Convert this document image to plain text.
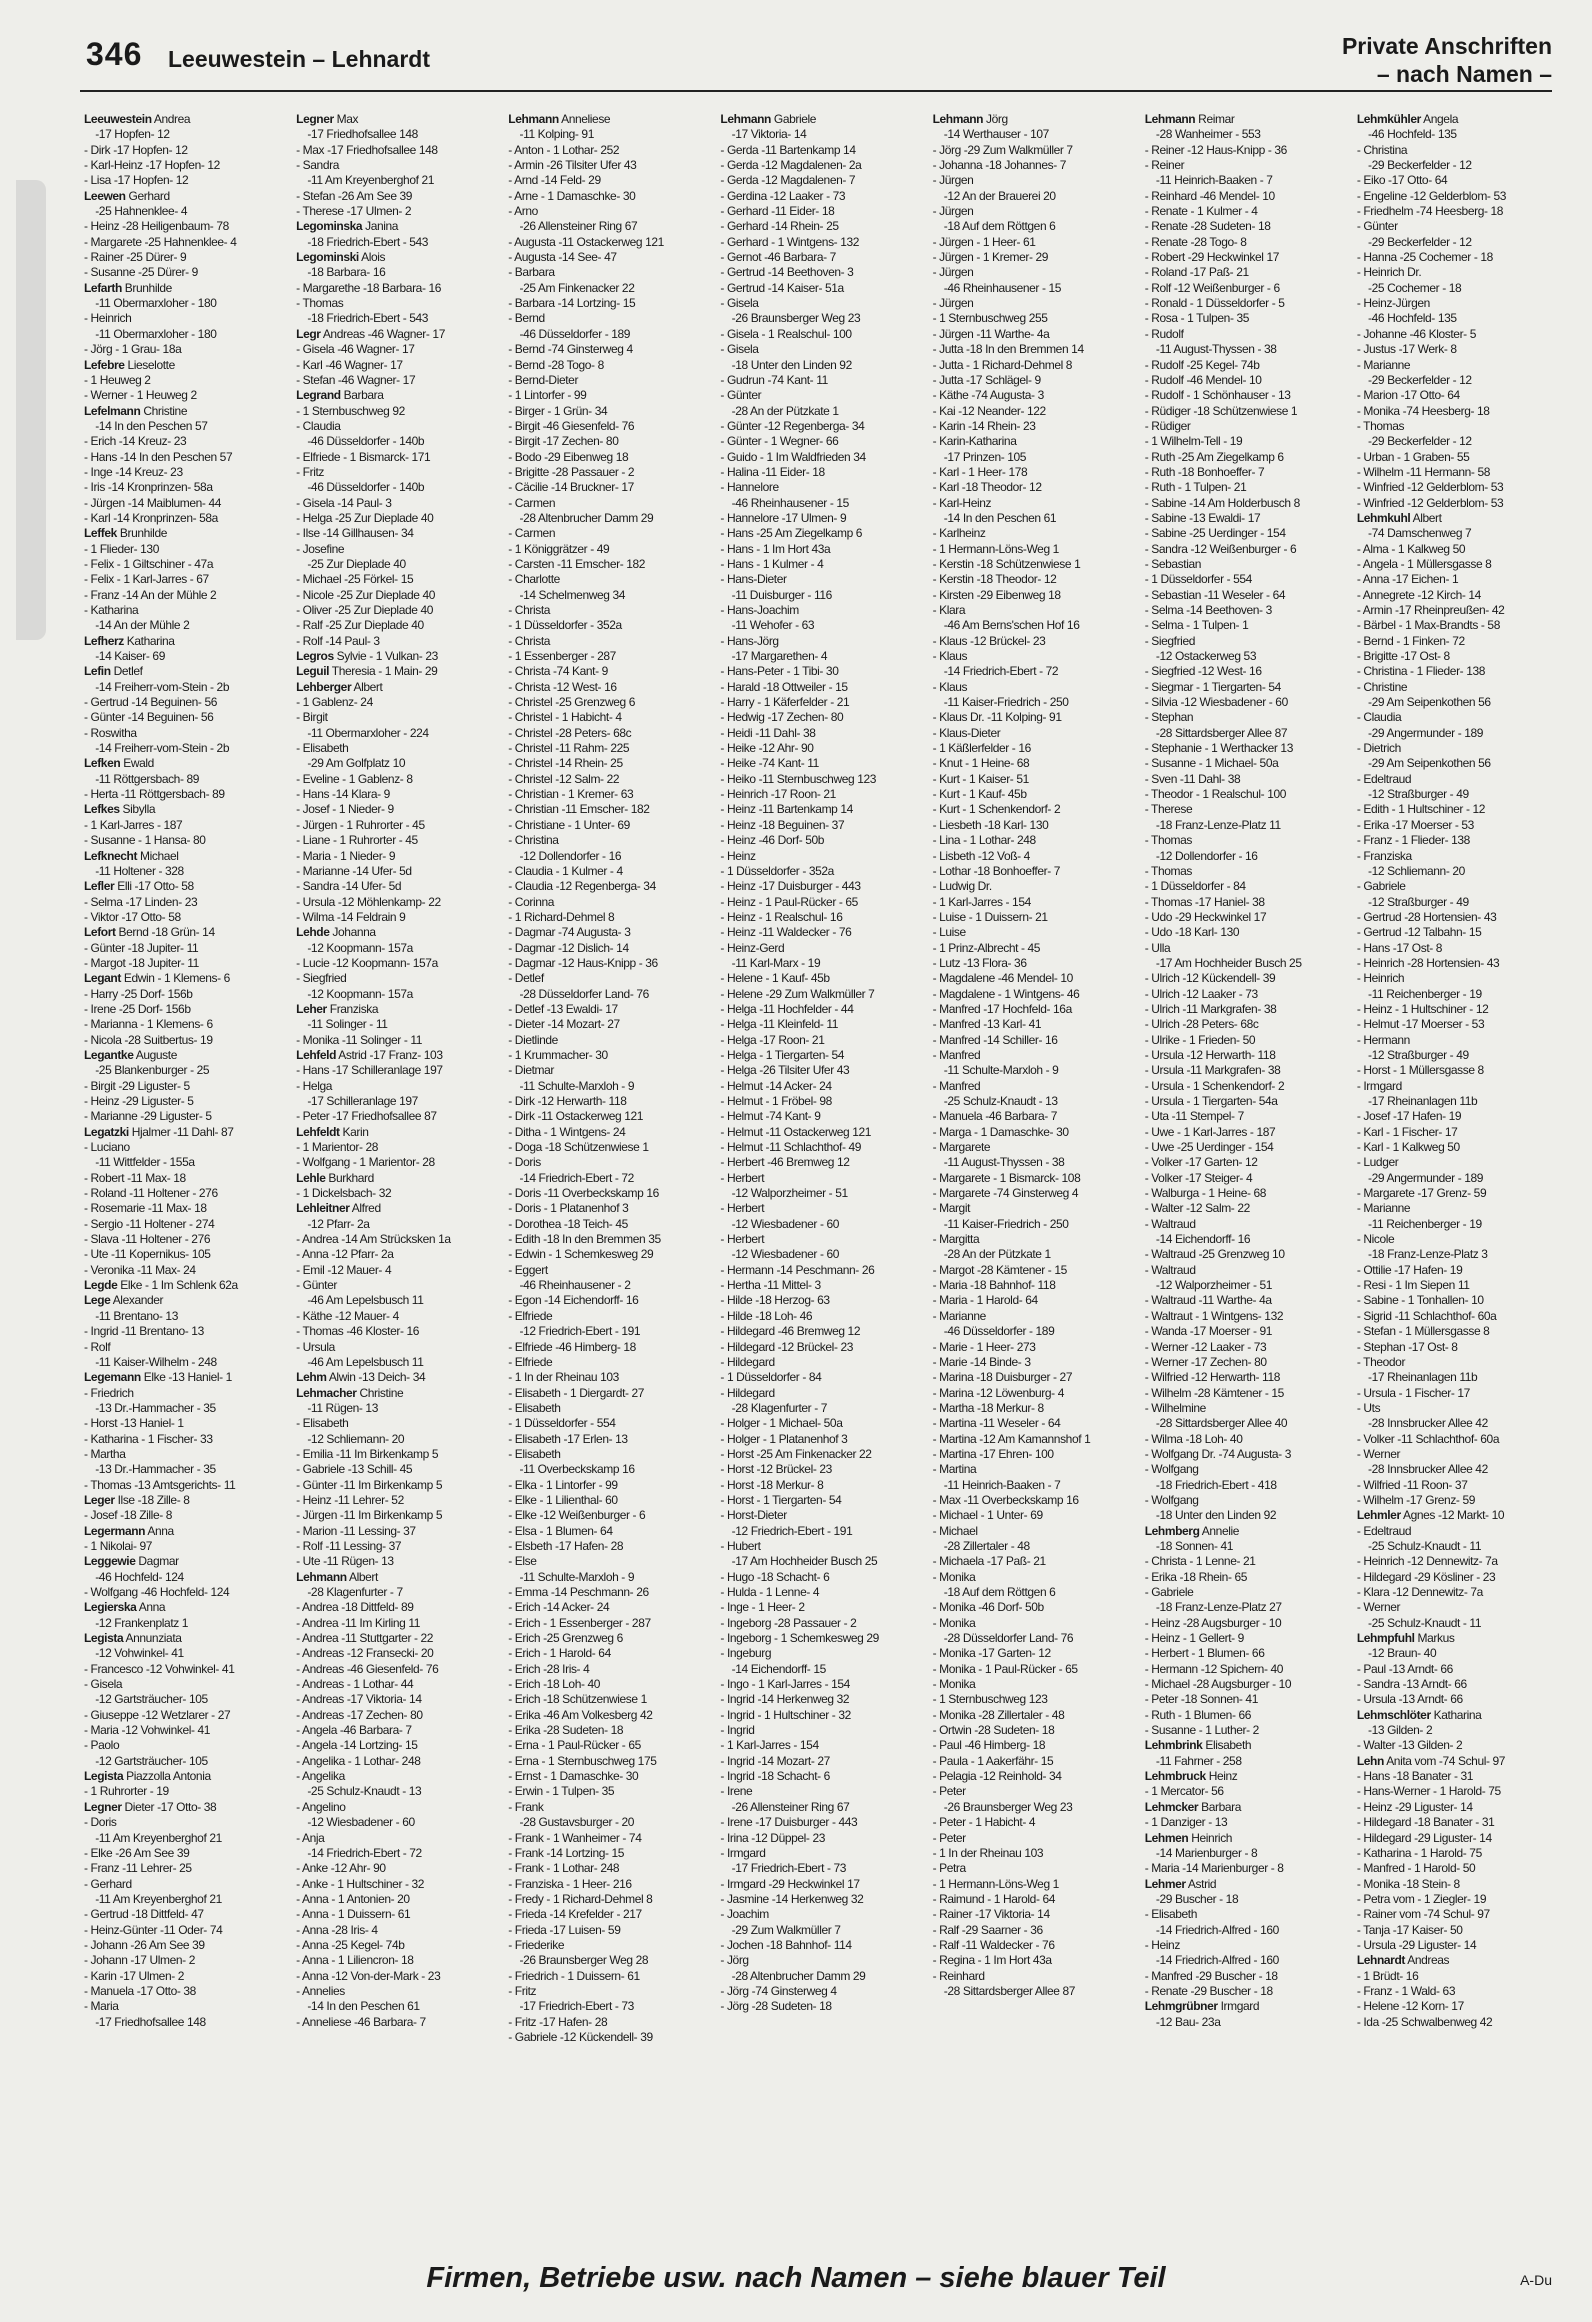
346 Leeuwestein – Lehnardt	Private Anschriften
– nach Namen –
Leeuwestein Andrea
  -17 Hopfen- 12
- Dirk -17 Hopfen- 12
- Karl-Heinz -17 Hopfen- 12
- Lisa -17 Hopfen- 12
Leewen Gerhard
  -25 Hahnenklee- 4
- Heinz -28 Heiligenbaum- 78
- Margarete -25 Hahnenklee- 4
- Rainer -25 Dürer- 9
- Susanne -25 Dürer- 9
Lefarth Brunhilde
  -11 Obermarxloher - 180
- Heinrich
  -11 Obermarxloher - 180
- Jörg - 1 Grau- 18a
Lefebre Lieselotte
- 1 Heuweg 2
- Werner - 1 Heuweg 2
Lefelmann Christine
  -14 In den Peschen 57
- Erich -14 Kreuz- 23
- Hans -14 In den Peschen 57
- Inge -14 Kreuz- 23
- Iris -14 Kronprinzen- 58a
- Jürgen -14 Maiblumen- 44
- Karl -14 Kronprinzen- 58a
Leffek Brunhilde
- 1 Flieder- 130
- Felix - 1 Giltschiner - 47a
- Felix - 1 Karl-Jarres - 67
- Franz -14 An der Mühle 2
- Katharina
  -14 An der Mühle 2
Lefherz Katharina
  -14 Kaiser- 69
Lefin Detlef
  -14 Freiherr-vom-Stein - 2b
- Gertrud -14 Beguinen- 56
- Günter -14 Beguinen- 56
- Roswitha
  -14 Freiherr-vom-Stein - 2b
Lefken Ewald
  -11 Röttgersbach- 89
- Herta -11 Röttgersbach- 89
Lefkes Sibylla
- 1 Karl-Jarres - 187
- Susanne - 1 Hansa- 80
Lefknecht Michael
  -11 Holtener - 328
Lefler Elli -17 Otto- 58
- Selma -17 Linden- 23
- Viktor -17 Otto- 58
Lefort Bernd -18 Grün- 14
- Günter -18 Jupiter- 11
- Margot -18 Jupiter- 11
Legant Edwin - 1 Klemens- 6
- Harry -25 Dorf- 156b
- Irene -25 Dorf- 156b
- Marianna - 1 Klemens- 6
- Nicola -28 Suitbertus- 19
Legantke Auguste
  -25 Blankenburger - 25
- Birgit -29 Liguster- 5
- Heinz -29 Liguster- 5
- Marianne -29 Liguster- 5
Legatzki Hjalmer -11 Dahl- 87
- Luciano
  -11 Wittfelder - 155a
- Robert -11 Max- 18
- Roland -11 Holtener - 276
- Rosemarie -11 Max- 18
- Sergio -11 Holtener - 274
- Slava -11 Holtener - 276
- Ute -11 Kopernikus- 105
- Veronika -11 Max- 24
Legde Elke - 1 Im Schlenk 62a
Lege Alexander
  -11 Brentano- 13
- Ingrid -11 Brentano- 13
- Rolf
  -11 Kaiser-Wilhelm - 248
Legemann Elke -13 Haniel- 1
- Friedrich
  -13 Dr.-Hammacher - 35
- Horst -13 Haniel- 1
- Katharina - 1 Fischer- 33
- Martha
  -13 Dr.-Hammacher - 35
- Thomas -13 Amtsgerichts- 11
Leger Ilse -18 Zille- 8
- Josef -18 Zille- 8
Legermann Anna
- 1 Nikolai- 97
Leggewie Dagmar
  -46 Hochfeld- 124
- Wolfgang -46 Hochfeld- 124
Legierska Anna
  -12 Frankenplatz 1
Legista Annunziata
  -12 Vohwinkel- 41
- Francesco -12 Vohwinkel- 41
- Gisela
  -12 Gartsträucher- 105
- Giuseppe -12 Wetzlarer - 27
- Maria -12 Vohwinkel- 41
- Paolo
  -12 Gartsträucher- 105
Legista Piazzolla Antonia
- 1 Ruhrorter - 19
Legner Dieter -17 Otto- 38
- Doris
  -11 Am Kreyenberghof 21
- Elke -26 Am See 39
- Franz -11 Lehrer- 25
- Gerhard
  -11 Am Kreyenberghof 21
- Gertrud -18 Dittfeld- 47
- Heinz-Günter -11 Oder- 74
- Johann -26 Am See 39
- Johann -17 Ulmen- 2
- Karin -17 Ulmen- 2
- Manuela -17 Otto- 38
- Maria
  -17 Friedhofsallee 148
Legner Max
  -17 Friedhofsallee 148
- Max -17 Friedhofsallee 148
- Sandra
  -11 Am Kreyenberghof 21
- Stefan -26 Am See 39
- Therese -17 Ulmen- 2
Legominska Janina
  -18 Friedrich-Ebert - 543
Legominski Alois
  -18 Barbara- 16
- Margarethe -18 Barbara- 16
- Thomas
  -18 Friedrich-Ebert - 543
Legr Andreas -46 Wagner- 17
- Gisela -46 Wagner- 17
- Karl -46 Wagner- 17
- Stefan -46 Wagner- 17
Legrand Barbara
- 1 Sternbuschweg 92
- Claudia
  -46 Düsseldorfer - 140b
- Elfriede - 1 Bismarck- 171
- Fritz
  -46 Düsseldorfer - 140b
- Gisela -14 Paul- 3
- Helga -25 Zur Dieplade 40
- Ilse -14 Gillhausen- 34
- Josefine
  -25 Zur Dieplade 40
- Michael -25 Förkel- 15
- Nicole -25 Zur Dieplade 40
- Oliver -25 Zur Dieplade 40
- Ralf -25 Zur Dieplade 40
- Rolf -14 Paul- 3
Legros Sylvie - 1 Vulkan- 23
Leguil Theresia - 1 Main- 29
Lehberger Albert
- 1 Gablenz- 24
- Birgit
  -11 Obermarxloher - 224
- Elisabeth
  -29 Am Golfplatz 10
- Eveline - 1 Gablenz- 8
- Hans -14 Klara- 9
- Josef - 1 Nieder- 9
- Jürgen - 1 Ruhrorter - 45
- Liane - 1 Ruhrorter - 45
- Maria - 1 Nieder- 9
- Marianne -14 Ufer- 5d
- Sandra -14 Ufer- 5d
- Ursula -12 Möhlenkamp- 22
- Wilma -14 Feldrain 9
Lehde Johanna
  -12 Koopmann- 157a
- Lucie -12 Koopmann- 157a
- Siegfried
  -12 Koopmann- 157a
Leher Franziska
  -11 Solinger - 11
- Monika -11 Solinger - 11
Lehfeld Astrid -17 Franz- 103
- Hans -17 Schilleranlage 197
- Helga
  -17 Schilleranlage 197
- Peter -17 Friedhofsallee 87
Lehfeldt Karin
- 1 Marientor- 28
- Wolfgang - 1 Marientor- 28
Lehle Burkhard
- 1 Dickelsbach- 32
Lehleitner Alfred
  -12 Pfarr- 2a
- Andrea -14 Am Strücksken 1a
- Anna -12 Pfarr- 2a
- Emil -12 Mauer- 4
- Günter
  -46 Am Lepelsbusch 11
- Käthe -12 Mauer- 4
- Thomas -46 Kloster- 16
- Ursula
  -46 Am Lepelsbusch 11
Lehm Alwin -13 Deich- 34
Lehmacher Christine
  -11 Rügen- 13
- Elisabeth
  -12 Schliemann- 20
- Emilia -11 Im Birkenkamp 5
- Gabriele -13 Schill- 45
- Günter -11 Im Birkenkamp 5
- Heinz -11 Lehrer- 52
- Jürgen -11 Im Birkenkamp 5
- Marion -11 Lessing- 37
- Rolf -11 Lessing- 37
- Ute -11 Rügen- 13
Lehmann Albert
  -28 Klagenfurter - 7
- Andrea -18 Dittfeld- 89
- Andrea -11 Im Kirling 11
- Andrea -11 Stuttgarter - 22
- Andreas -12 Fransecki- 20
- Andreas -46 Giesenfeld- 76
- Andreas - 1 Lothar- 44
- Andreas -17 Viktoria- 14
- Andreas -17 Zechen- 80
- Angela -46 Barbara- 7
- Angela -14 Lortzing- 15
- Angelika - 1 Lothar- 248
- Angelika
  -25 Schulz-Knaudt - 13
- Angelino
  -12 Wiesbadener - 60
- Anja
  -14 Friedrich-Ebert - 72
- Anke -12 Ahr- 90
- Anke - 1 Hultschiner - 32
- Anna - 1 Antonien- 20
- Anna - 1 Duissern- 61
- Anna -28 Iris- 4
- Anna -25 Kegel- 74b
- Anna - 1 Liliencron- 18
- Anna -12 Von-der-Mark - 23
- Annelies
  -14 In den Peschen 61
- Anneliese -46 Barbara- 7
Lehmann Anneliese
  -11 Kolping- 91
- Anton - 1 Lothar- 252
- Armin -26 Tilsiter Ufer 43
- Arnd -14 Feld- 29
- Arne - 1 Damaschke- 30
- Arno
  -26 Allensteiner Ring 67
- Augusta -11 Ostackerweg 121
- Augusta -14 See- 47
- Barbara
  -25 Am Finkenacker 22
- Barbara -14 Lortzing- 15
- Bernd
  -46 Düsseldorfer - 189
- Bernd -74 Ginsterweg 4
- Bernd -28 Togo- 8
- Bernd-Dieter
- 1 Lintorfer - 99
- Birger - 1 Grün- 34
- Birgit -46 Giesenfeld- 76
- Birgit -17 Zechen- 80
- Bodo -29 Eibenweg 18
- Brigitte -28 Passauer - 2
- Cäcilie -14 Bruckner- 17
- Carmen
  -28 Altenbrucher Damm 29
- Carmen
- 1 Königgrätzer - 49
- Carsten -11 Emscher- 182
- Charlotte
  -14 Schelmenweg 34
- Christa
- 1 Düsseldorfer - 352a
- Christa
- 1 Essenberger - 287
- Christa -74 Kant- 9
- Christa -12 West- 16
- Christel -25 Grenzweg 6
- Christel - 1 Habicht- 4
- Christel -28 Peters- 68c
- Christel -11 Rahm- 225
- Christel -14 Rhein- 25
- Christel -12 Salm- 22
- Christian - 1 Kremer- 63
- Christian -11 Emscher- 182
- Christiane - 1 Unter- 69
- Christina
  -12 Dollendorfer - 16
- Claudia - 1 Kulmer - 4
- Claudia -12 Regenberga- 34
- Corinna
- 1 Richard-Dehmel 8
- Dagmar -74 Augusta- 3
- Dagmar -12 Dislich- 14
- Dagmar -12 Haus-Knipp - 36
- Detlef
  -28 Düsseldorfer Land- 76
- Detlef -13 Ewaldi- 17
- Dieter -14 Mozart- 27
- Dietlinde
- 1 Krummacher- 30
- Dietmar
  -11 Schulte-Marxloh - 9
- Dirk -12 Herwarth- 118
- Dirk -11 Ostackerweg 121
- Ditha - 1 Wintgens- 24
- Doga -18 Schützenwiese 1
- Doris
  -14 Friedrich-Ebert - 72
- Doris -11 Overbeckskamp 16
- Doris - 1 Platanenhof 3
- Dorothea -18 Teich- 45
- Edith -18 In den Bremmen 35
- Edwin - 1 Schemkesweg 29
- Eggert
  -46 Rheinhausener - 2
- Egon -14 Eichendorff- 16
- Elfriede
  -12 Friedrich-Ebert - 191
- Elfriede -46 Himberg- 18
- Elfriede
- 1 In der Rheinau 103
- Elisabeth - 1 Diergardt- 27
- Elisabeth
- 1 Düsseldorfer - 554
- Elisabeth -17 Erlen- 13
- Elisabeth
  -11 Overbeckskamp 16
- Elka - 1 Lintorfer - 99
- Elke - 1 Lilienthal- 60
- Elke -12 Weißenburger - 6
- Elsa - 1 Blumen- 64
- Elsbeth -17 Hafen- 28
- Else
  -11 Schulte-Marxloh - 9
- Emma -14 Peschmann- 26
- Erich -14 Acker- 24
- Erich - 1 Essenberger - 287
- Erich -25 Grenzweg 6
- Erich - 1 Harold- 64
- Erich -28 Iris- 4
- Erich -18 Loh- 40
- Erich -18 Schützenwiese 1
- Erika -46 Am Volkesberg 42
- Erika -28 Sudeten- 18
- Erna - 1 Paul-Rücker - 65
- Erna - 1 Sternbuschweg 175
- Ernst - 1 Damaschke- 30
- Erwin - 1 Tulpen- 35
- Frank
  -28 Gustavsburger - 20
- Frank - 1 Wanheimer - 74
- Frank -14 Lortzing- 15
- Frank - 1 Lothar- 248
- Franziska - 1 Heer- 216
- Fredy - 1 Richard-Dehmel 8
- Frieda -14 Krefelder - 217
- Frieda -17 Luisen- 59
- Friederike
  -26 Braunsberger Weg 28
- Friedrich - 1 Duissern- 61
- Fritz
  -17 Friedrich-Ebert - 73
- Fritz -17 Hafen- 28
- Gabriele -12 Kückendell- 39
Lehmann Gabriele
  -17 Viktoria- 14
- Gerda -11 Bartenkamp 14
- Gerda -12 Magdalenen- 2a
- Gerda -12 Magdalenen- 7
- Gerdina -12 Laaker - 73
- Gerhard -11 Eider- 18
- Gerhard -14 Rhein- 25
- Gerhard - 1 Wintgens- 132
- Gernot -46 Barbara- 7
- Gertrud -14 Beethoven- 3
- Gertrud -14 Kaiser- 51a
- Gisela
  -26 Braunsberger Weg 23
- Gisela - 1 Realschul- 100
- Gisela
  -18 Unter den Linden 92
- Gudrun -74 Kant- 11
- Günter
  -28 An der Pützkate 1
- Günter -12 Regenberga- 34
- Günter - 1 Wegner- 66
- Guido - 1 Im Waldfrieden 34
- Halina -11 Eider- 18
- Hannelore
  -46 Rheinhausener - 15
- Hannelore -17 Ulmen- 9
- Hans -25 Am Ziegelkamp 6
- Hans - 1 Im Hort 43a
- Hans - 1 Kulmer - 4
- Hans-Dieter
  -11 Duisburger - 116
- Hans-Joachim
  -11 Wehofer - 63
- Hans-Jörg
  -17 Margarethen- 4
- Hans-Peter - 1 Tibi- 30
- Harald -18 Ottweiler - 15
- Harry - 1 Käferfelder - 21
- Hedwig -17 Zechen- 80
- Heidi -11 Dahl- 38
- Heike -12 Ahr- 90
- Heike -74 Kant- 11
- Heiko -11 Sternbuschweg 123
- Heinrich -17 Roon- 21
- Heinz -11 Bartenkamp 14
- Heinz -18 Beguinen- 37
- Heinz -46 Dorf- 50b
- Heinz
- 1 Düsseldorfer - 352a
- Heinz -17 Duisburger - 443
- Heinz - 1 Paul-Rücker - 65
- Heinz - 1 Realschul- 16
- Heinz -11 Waldecker - 76
- Heinz-Gerd
  -11 Karl-Marx - 19
- Helene - 1 Kauf- 45b
- Helene -29 Zum Walkmüller 7
- Helga -11 Hochfelder - 44
- Helga -11 Kleinfeld- 11
- Helga -17 Roon- 21
- Helga - 1 Tiergarten- 54
- Helga -26 Tilsiter Ufer 43
- Helmut -14 Acker- 24
- Helmut - 1 Fröbel- 98
- Helmut -74 Kant- 9
- Helmut -11 Ostackerweg 121
- Helmut -11 Schlachthof- 49
- Herbert -46 Bremweg 12
- Herbert
  -12 Walporzheimer - 51
- Herbert
  -12 Wiesbadener - 60
- Herbert
  -12 Wiesbadener - 60
- Hermann -14 Peschmann- 26
- Hertha -11 Mittel- 3
- Hilde -18 Herzog- 63
- Hilde -18 Loh- 46
- Hildegard -46 Bremweg 12
- Hildegard -12 Brückel- 23
- Hildegard
- 1 Düsseldorfer - 84
- Hildegard
  -28 Klagenfurter - 7
- Holger - 1 Michael- 50a
- Holger - 1 Platanenhof 3
- Horst -25 Am Finkenacker 22
- Horst -12 Brückel- 23
- Horst -18 Merkur- 8
- Horst - 1 Tiergarten- 54
- Horst-Dieter
  -12 Friedrich-Ebert - 191
- Hubert
  -17 Am Hochheider Busch 25
- Hugo -18 Schacht- 6
- Hulda - 1 Lenne- 4
- Inge - 1 Heer- 2
- Ingeborg -28 Passauer - 2
- Ingeborg - 1 Schemkesweg 29
- Ingeburg
  -14 Eichendorff- 15
- Ingo - 1 Karl-Jarres - 154
- Ingrid -14 Herkenweg 32
- Ingrid - 1 Hultschiner - 32
- Ingrid
- 1 Karl-Jarres - 154
- Ingrid -14 Mozart- 27
- Ingrid -18 Schacht- 6
- Irene
  -26 Allensteiner Ring 67
- Irene -17 Duisburger - 443
- Irina -12 Düppel- 23
- Irmgard
  -17 Friedrich-Ebert - 73
- Irmgard -29 Heckwinkel 17
- Jasmine -14 Herkenweg 32
- Joachim
  -29 Zum Walkmüller 7
- Jochen -18 Bahnhof- 114
- Jörg
  -28 Altenbrucher Damm 29
- Jörg -74 Ginsterweg 4
- Jörg -28 Sudeten- 18
Lehmann Jörg
  -14 Werthauser - 107
- Jörg -29 Zum Walkmüller 7
- Johanna -18 Johannes- 7
- Jürgen
  -12 An der Brauerei 20
- Jürgen
  -18 Auf dem Röttgen 6
- Jürgen - 1 Heer- 61
- Jürgen - 1 Kremer- 29
- Jürgen
  -46 Rheinhausener - 15
- Jürgen
- 1 Sternbuschweg 255
- Jürgen -11 Warthe- 4a
- Jutta -18 In den Bremmen 14
- Jutta - 1 Richard-Dehmel 8
- Jutta -17 Schlägel- 9
- Käthe -74 Augusta- 3
- Kai -12 Neander- 122
- Karin -14 Rhein- 23
- Karin-Katharina
  -17 Prinzen- 105
- Karl - 1 Heer- 178
- Karl -18 Theodor- 12
- Karl-Heinz
  -14 In den Peschen 61
- Karlheinz
- 1 Hermann-Löns-Weg 1
- Kerstin -18 Schützenwiese 1
- Kerstin -18 Theodor- 12
- Kirsten -29 Eibenweg 18
- Klara
  -46 Am Berns'schen Hof 16
- Klaus -12 Brückel- 23
- Klaus
  -14 Friedrich-Ebert - 72
- Klaus
  -11 Kaiser-Friedrich - 250
- Klaus Dr. -11 Kolping- 91
- Klaus-Dieter
- 1 Käßlerfelder - 16
- Knut - 1 Heine- 68
- Kurt - 1 Kaiser- 51
- Kurt - 1 Kauf- 45b
- Kurt - 1 Schenkendorf- 2
- Liesbeth -18 Karl- 130
- Lina - 1 Lothar- 248
- Lisbeth -12 Voß- 4
- Lothar -18 Bonhoeffer- 7
- Ludwig Dr.
- 1 Karl-Jarres - 154
- Luise - 1 Duissern- 21
- Luise
- 1 Prinz-Albrecht - 45
- Lutz -13 Flora- 36
- Magdalene -46 Mendel- 10
- Magdalene - 1 Wintgens- 46
- Manfred -17 Hochfeld- 16a
- Manfred -13 Karl- 41
- Manfred -14 Schiller- 16
- Manfred
  -11 Schulte-Marxloh - 9
- Manfred
  -25 Schulz-Knaudt - 13
- Manuela -46 Barbara- 7
- Marga - 1 Damaschke- 30
- Margarete
  -11 August-Thyssen - 38
- Margarete - 1 Bismarck- 108
- Margarete -74 Ginsterweg 4
- Margit
  -11 Kaiser-Friedrich - 250
- Margitta
  -28 An der Pützkate 1
- Margot -28 Kämtener - 15
- Maria -18 Bahnhof- 118
- Maria - 1 Harold- 64
- Marianne
  -46 Düsseldorfer - 189
- Marie - 1 Heer- 273
- Marie -14 Binde- 3
- Marina -18 Duisburger - 27
- Marina -12 Löwenburg- 4
- Martha -18 Merkur- 8
- Martina -11 Weseler - 64
- Martina -12 Am Kamannshof 1
- Martina -17 Ehren- 100
- Martina
  -11 Heinrich-Baaken - 7
- Max -11 Overbeckskamp 16
- Michael - 1 Unter- 69
- Michael
  -28 Zillertaler - 48
- Michaela -17 Paß- 21
- Monika
  -18 Auf dem Röttgen 6
- Monika -46 Dorf- 50b
- Monika
  -28 Düsseldorfer Land- 76
- Monika -17 Garten- 12
- Monika - 1 Paul-Rücker - 65
- Monika
- 1 Sternbuschweg 123
- Monika -28 Zillertaler - 48
- Ortwin -28 Sudeten- 18
- Paul -46 Himberg- 18
- Paula - 1 Aakerfähr- 15
- Pelagia -12 Reinhold- 34
- Peter
  -26 Braunsberger Weg 23
- Peter - 1 Habicht- 4
- Peter
- 1 In der Rheinau 103
- Petra
- 1 Hermann-Löns-Weg 1
- Raimund - 1 Harold- 64
- Rainer -17 Viktoria- 14
- Ralf -29 Saarner - 36
- Ralf -11 Waldecker - 76
- Regina - 1 Im Hort 43a
- Reinhard
  -28 Sittardsberger Allee 87
Lehmann Reimar
  -28 Wanheimer - 553
- Reiner -12 Haus-Knipp - 36
- Reiner
  -11 Heinrich-Baaken - 7
- Reinhard -46 Mendel- 10
- Renate - 1 Kulmer - 4
- Renate -28 Sudeten- 18
- Renate -28 Togo- 8
- Robert -29 Heckwinkel 17
- Roland -17 Paß- 21
- Rolf -12 Weißenburger - 6
- Ronald - 1 Düsseldorfer - 5
- Rosa - 1 Tulpen- 35
- Rudolf
  -11 August-Thyssen - 38
- Rudolf -25 Kegel- 74b
- Rudolf -46 Mendel- 10
- Rudolf - 1 Schönhauser - 13
- Rüdiger -18 Schützenwiese 1
- Rüdiger
- 1 Wilhelm-Tell - 19
- Ruth -25 Am Ziegelkamp 6
- Ruth -18 Bonhoeffer- 7
- Ruth - 1 Tulpen- 21
- Sabine -14 Am Holderbusch 8
- Sabine -13 Ewaldi- 17
- Sabine -25 Uerdinger - 154
- Sandra -12 Weißenburger - 6
- Sebastian
- 1 Düsseldorfer - 554
- Sebastian -11 Weseler - 64
- Selma -14 Beethoven- 3
- Selma - 1 Tulpen- 1
- Siegfried
  -12 Ostackerweg 53
- Siegfried -12 West- 16
- Siegmar - 1 Tiergarten- 54
- Silvia -12 Wiesbadener - 60
- Stephan
  -28 Sittardsberger Allee 87
- Stephanie - 1 Werthacker 13
- Susanne - 1 Michael- 50a
- Sven -11 Dahl- 38
- Theodor - 1 Realschul- 100
- Therese
  -18 Franz-Lenze-Platz 11
- Thomas
  -12 Dollendorfer - 16
- Thomas
- 1 Düsseldorfer - 84
- Thomas -17 Haniel- 38
- Udo -29 Heckwinkel 17
- Udo -18 Karl- 130
- Ulla
  -17 Am Hochheider Busch 25
- Ulrich -12 Kückendell- 39
- Ulrich -12 Laaker - 73
- Ulrich -11 Markgrafen- 38
- Ulrich -28 Peters- 68c
- Ulrike - 1 Frieden- 50
- Ursula -12 Herwarth- 118
- Ursula -11 Markgrafen- 38
- Ursula - 1 Schenkendorf- 2
- Ursula - 1 Tiergarten- 54a
- Uta -11 Stempel- 7
- Uwe - 1 Karl-Jarres - 187
- Uwe -25 Uerdinger - 154
- Volker -17 Garten- 12
- Volker -17 Steiger- 4
- Walburga - 1 Heine- 68
- Walter -12 Salm- 22
- Waltraud
  -14 Eichendorff- 16
- Waltraud -25 Grenzweg 10
- Waltraud
  -12 Walporzheimer - 51
- Waltraud -11 Warthe- 4a
- Waltraut - 1 Wintgens- 132
- Wanda -17 Moerser - 91
- Werner -12 Laaker - 73
- Werner -17 Zechen- 80
- Wilfried -12 Herwarth- 118
- Wilhelm -28 Kämtener - 15
- Wilhelmine
  -28 Sittardsberger Allee 40
- Wilma -18 Loh- 40
- Wolfgang Dr. -74 Augusta- 3
- Wolfgang
  -18 Friedrich-Ebert - 418
- Wolfgang
  -18 Unter den Linden 92
Lehmberg Annelie
  -18 Sonnen- 41
- Christa - 1 Lenne- 21
- Erika -18 Rhein- 65
- Gabriele
  -18 Franz-Lenze-Platz 27
- Heinz -28 Augsburger - 10
- Heinz - 1 Gellert- 9
- Herbert - 1 Blumen- 66
- Hermann -12 Spichern- 40
- Michael -28 Augsburger - 10
- Peter -18 Sonnen- 41
- Ruth - 1 Blumen- 66
- Susanne - 1 Luther- 2
Lehmbrink Elisabeth
  -11 Fahrner - 258
Lehmbruck Heinz
- 1 Mercator- 56
Lehmcker Barbara
- 1 Danziger - 13
Lehmen Heinrich
  -14 Marienburger - 8
- Maria -14 Marienburger - 8
Lehmer Astrid
  -29 Buscher - 18
- Elisabeth
  -14 Friedrich-Alfred - 160
- Heinz
  -14 Friedrich-Alfred - 160
- Manfred -29 Buscher - 18
- Renate -29 Buscher - 18
Lehmgrübner Irmgard
  -12 Bau- 23a
Lehmkühler Angela
  -46 Hochfeld- 135
- Christina
  -29 Beckerfelder - 12
- Eiko -17 Otto- 64
- Engeline -12 Gelderblom- 53
- Friedhelm -74 Heesberg- 18
- Günter
  -29 Beckerfelder - 12
- Hanna -25 Cochemer - 18
- Heinrich Dr.
  -25 Cochemer - 18
- Heinz-Jürgen
  -46 Hochfeld- 135
- Johanne -46 Kloster- 5
- Justus -17 Werk- 8
- Marianne
  -29 Beckerfelder - 12
- Marion -17 Otto- 64
- Monika -74 Heesberg- 18
- Thomas
  -29 Beckerfelder - 12
- Urban - 1 Graben- 55
- Wilhelm -11 Hermann- 58
- Winfried -12 Gelderblom- 53
- Winfried -12 Gelderblom- 53
Lehmkuhl Albert
  -74 Damschenweg 7
- Alma - 1 Kalkweg 50
- Angela - 1 Müllersgasse 8
- Anna -17 Eichen- 1
- Annegrete -12 Kirch- 14
- Armin -17 Rheinpreußen- 42
- Bärbel - 1 Max-Brandts - 58
- Bernd - 1 Finken- 72
- Brigitte -17 Ost- 8
- Christina - 1 Flieder- 138
- Christine
  -29 Am Seipenkothen 56
- Claudia
  -29 Angermunder - 189
- Dietrich
  -29 Am Seipenkothen 56
- Edeltraud
  -12 Straßburger - 49
- Edith - 1 Hultschiner - 12
- Erika -17 Moerser - 53
- Franz - 1 Flieder- 138
- Franziska
  -12 Schliemann- 20
- Gabriele
  -12 Straßburger - 49
- Gertrud -28 Hortensien- 43
- Gertrud -12 Talbahn- 15
- Hans -17 Ost- 8
- Heinrich -28 Hortensien- 43
- Heinrich
  -11 Reichenberger - 19
- Heinz - 1 Hultschiner - 12
- Helmut -17 Moerser - 53
- Hermann
  -12 Straßburger - 49
- Horst - 1 Müllersgasse 8
- Irmgard
  -17 Rheinanlagen 11b
- Josef -17 Hafen- 19
- Karl - 1 Fischer- 17
- Karl - 1 Kalkweg 50
- Ludger
  -29 Angermunder - 189
- Margarete -17 Grenz- 59
- Marianne
  -11 Reichenberger - 19
- Nicole
  -18 Franz-Lenze-Platz 3
- Ottilie -17 Hafen- 19
- Resi - 1 Im Siepen 11
- Sabine - 1 Tonhallen- 10
- Sigrid -11 Schlachthof- 60a
- Stefan - 1 Müllersgasse 8
- Stephan -17 Ost- 8
- Theodor
  -17 Rheinanlagen 11b
- Ursula - 1 Fischer- 17
- Uts
  -28 Innsbrucker Allee 42
- Volker -11 Schlachthof- 60a
- Werner
  -28 Innsbrucker Allee 42
- Wilfried -11 Roon- 37
- Wilhelm -17 Grenz- 59
Lehmler Agnes -12 Markt- 10
- Edeltraud
  -25 Schulz-Knaudt - 11
- Heinrich -12 Dennewitz- 7a
- Hildegard -29 Kösliner - 23
- Klara -12 Dennewitz- 7a
- Werner
  -25 Schulz-Knaudt - 11
Lehmpfuhl Markus
  -12 Braun- 40
- Paul -13 Arndt- 66
- Sandra -13 Arndt- 66
- Ursula -13 Arndt- 66
Lehmschlöter Katharina
  -13 Gilden- 2
- Walter -13 Gilden- 2
Lehn Anita vom -74 Schul- 97
- Hans -18 Banater - 31
- Hans-Werner - 1 Harold- 75
- Heinz -29 Liguster- 14
- Hildegard -18 Banater - 31
- Hildegard -29 Liguster- 14
- Katharina - 1 Harold- 75
- Manfred - 1 Harold- 50
- Monika -18 Stein- 8
- Petra vom - 1 Ziegler- 19
- Rainer vom -74 Schul- 97
- Tanja -17 Kaiser- 50
- Ursula -29 Liguster- 14
Lehnardt Andreas
- 1 Brüdt- 16
- Franz - 1 Wald- 63
- Helene -12 Korn- 17
- Ida -25 Schwalbenweg 42
Firmen, Betriebe usw. nach Namen – siehe blauer Teil	A-Du
